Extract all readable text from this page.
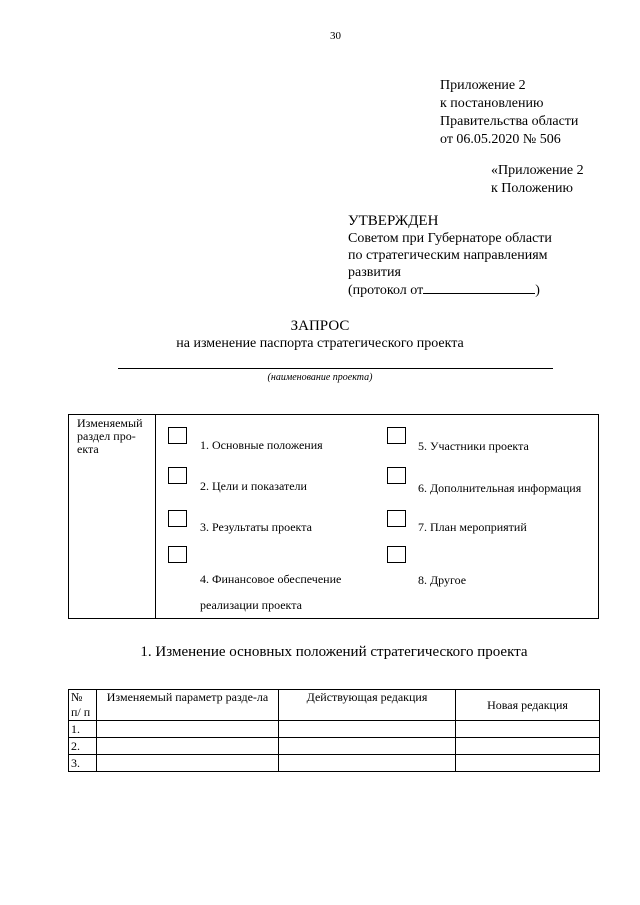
30
Приложение 2
к постановлению
Правительства области
от 06.05.2020 № 506
«Приложение 2
к Положению
УТВЕРЖДЕН
Советом при Губернаторе области
по стратегическим направлениям
развития
(протокол от	)
ЗАПРОС
на изменение паспорта стратегического проекта
(наименование проекта)
Изменяемый раздел про-екта	1. Основные положения
2. Цели и показатели
3. Результаты проекта
4. Финансовое обеспечение
реализации проекта
5. Участники проекта
6. Дополнительная информация
7. План мероприятий
8. Другое
1. Изменение основных положений стратегического проекта
№ п/ п	Изменяемый параметр разде-ла	Действующая редакция	Новая редакция
1.			
2.			
3.			
